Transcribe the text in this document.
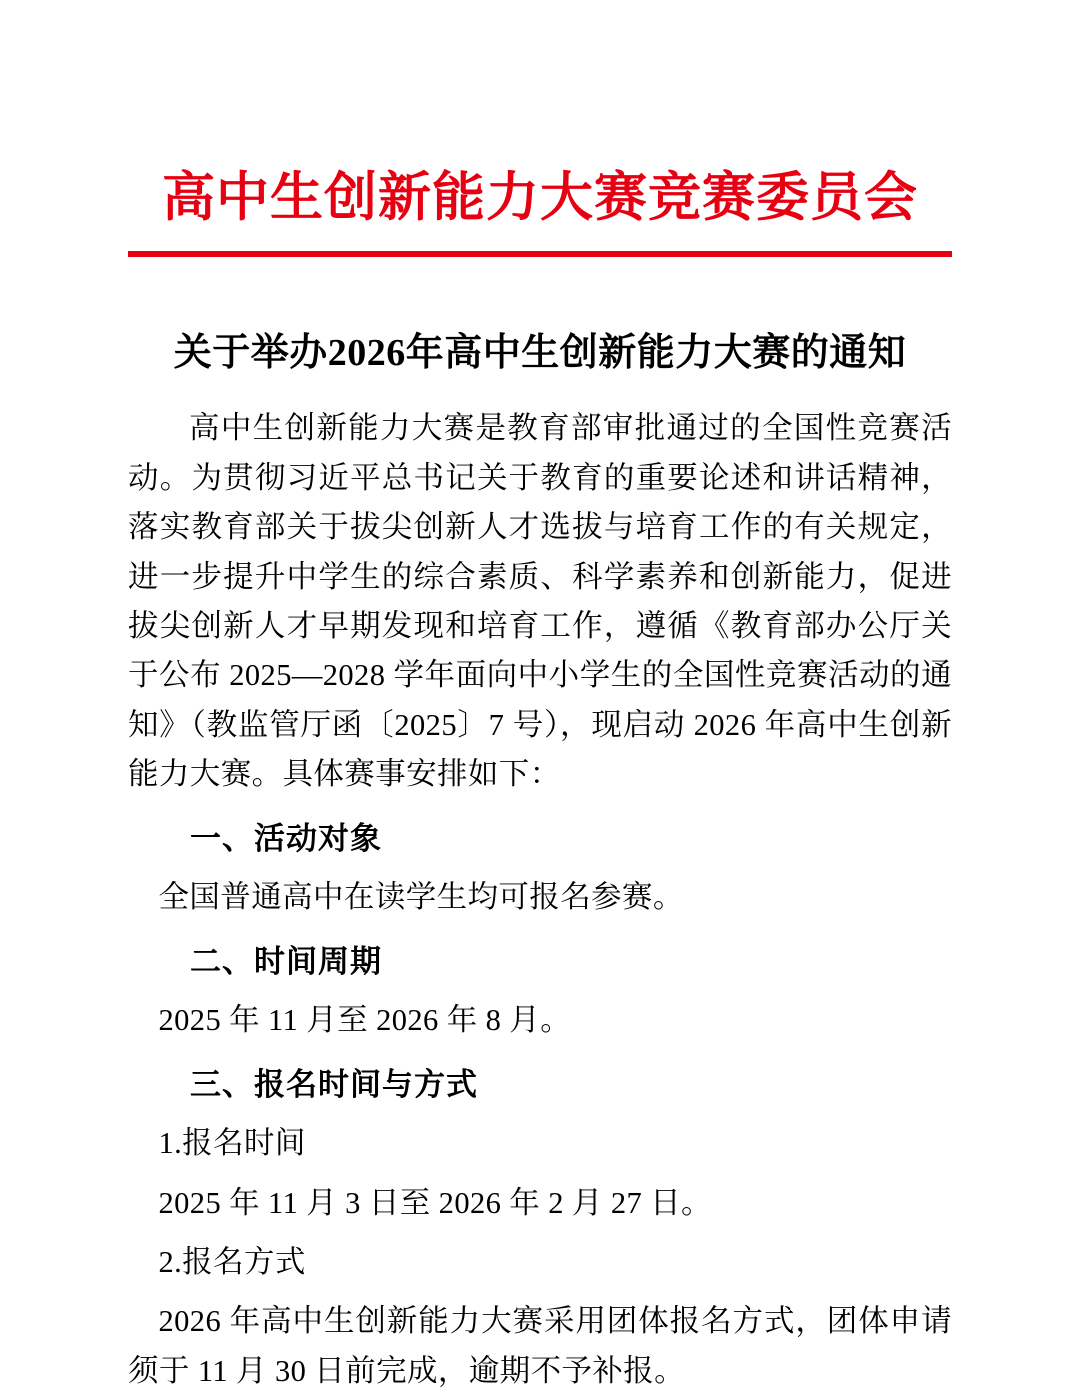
高中生创新能力大赛竞赛委员会
关于举办2026年高中生创新能力大赛的通知

高中生创新能力大赛是教育部审批通过的全国性竞赛活动。为贯彻习近平总书记关于教育的重要论述和讲话精神，落实教育部关于拔尖创新人才选拔与培育工作的有关规定，进一步提升中学生的综合素质、科学素养和创新能力，促进拔尖创新人才早期发现和培育工作，遵循《教育部办公厅关于公布 2025—2028 学年面向中小学生的全国性竞赛活动的通知》（教监管厅函〔2025〕7 号），现启动 2026 年高中生创新能力大赛。具体赛事安排如下：

一、活动对象
全国普通高中在读学生均可报名参赛。
二、时间周期
2025 年 11 月至 2026 年 8 月。
三、报名时间与方式
1.报名时间
2025 年 11 月 3 日至 2026 年 2 月 27 日。
2.报名方式
2026 年高中生创新能力大赛采用团体报名方式，团体申请须于 11 月 30 日前完成，逾期不予补报。
